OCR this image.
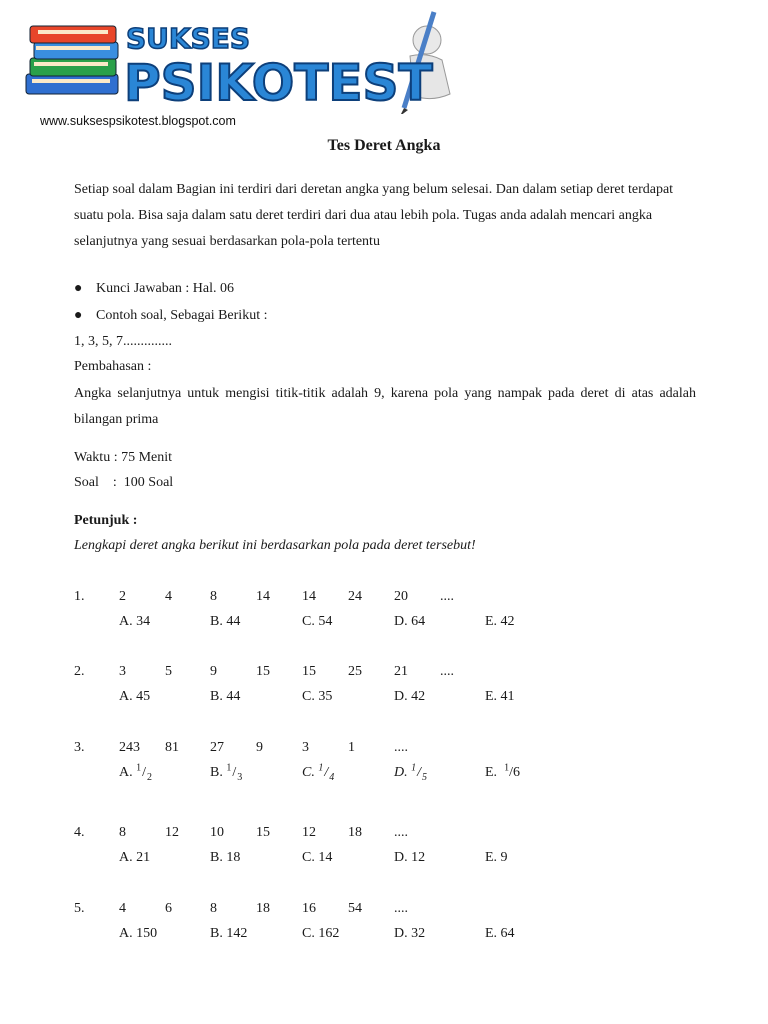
SUKSES
PSIKOTEST
www.suksespsikotest.blogspot.com
Tes Deret Angka
Setiap soal dalam Bagian ini terdiri dari deretan angka yang belum selesai. Dan dalam setiap deret terdapat suatu pola. Bisa saja dalam satu deret terdiri dari dua atau lebih pola. Tugas anda adalah mencari angka selanjutnya yang sesuai berdasarkan pola-pola tertentu
● Kunci Jawaban : Hal. 06
● Contoh soal, Sebagai Berikut :
1, 3, 5, 7..............
Pembahasan :
Angka selanjutnya untuk mengisi titik-titik adalah 9, karena pola yang nampak pada deret di atas adalah bilangan prima
Waktu : 75 Menit
Soal    :  100 Soal
Petunjuk :
Lengkapi deret angka berikut ini berdasarkan pola pada deret tersebut!
1. 2	4	8	14 14 24 20 ....
A. 34	B. 44	C. 54	D. 64	E. 42
2. 3	5	9	15 15 25 21 ....
A. 45	B. 44	C. 35	D. 42	E. 41
3. 243 81 27 9	3	1	....
A. $^1/_2$	B. $^1/_3$	C. $^1/_4$	D. $^1/_5$	E. $^1$/6
4. 8	12 10 15 12 18 ....
A. 21	B. 18	C. 14	D. 12	E. 9
5. 4	6	8	18 16 54 ....
A. 150	B. 142	C. 162	D. 32	E. 64
